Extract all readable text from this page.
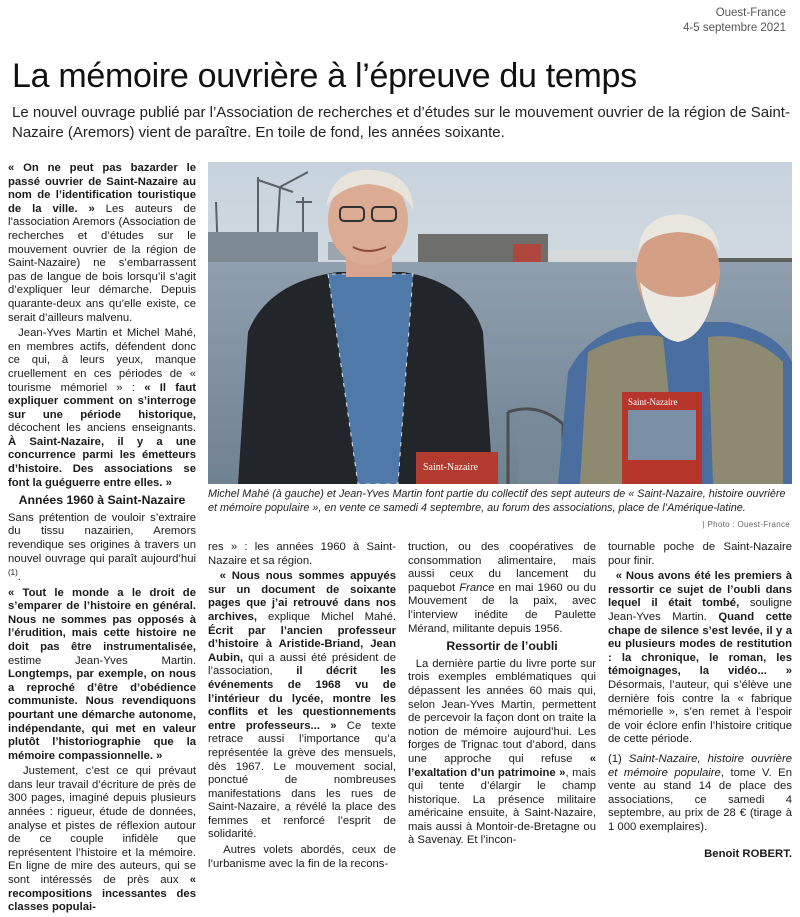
Ouest-France
4-5 septembre 2021
La mémoire ouvrière à l’épreuve du temps

Le nouvel ouvrage publié par l’Association de recherches et d’études sur le mouvement ouvrier de la région de Saint-Nazaire (Aremors) vient de paraître. En toile de fond, les années soixante.

« On ne peut pas bazarder le passé ouvrier de Saint-Nazaire au nom de l’identification touristique de la ville. » Les auteurs de l’association Aremors (Association de recherches et d’études sur le mouvement ouvrier de la région de Saint-Nazaire) ne s’embarrassent pas de langue de bois lorsqu’il s’agit d’expliquer leur démarche. Depuis quarante-deux ans qu’elle existe, ce serait d’ailleurs malvenu.

Jean-Yves Martin et Michel Mahé, en membres actifs, défendent donc ce qui, à leurs yeux, manque cruellement en ces périodes de « tourisme mémoriel » : « Il faut expliquer comment on s’interroge sur une période historique, décochent les anciens enseignants. À Saint-Nazaire, il y a une concurrence parmi les émetteurs d’histoire. Des associations se font la guéguerre entre elles. »

Années 1960 à Saint-Nazaire

Sans prétention de vouloir s’extraire du tissu nazairien, Aremors revendique ses origines à travers un nouvel ouvrage qui paraît aujourd’hui $^{(1)}$.

« Tout le monde a le droit de s’emparer de l’histoire en général. Nous ne sommes pas opposés à l’érudition, mais cette histoire ne doit pas être instrumentalisée, estime Jean-Yves Martin. Longtemps, par exemple, on nous a reproché d’être d’obédience communiste. Nous revendiquons pourtant une démarche autonome, indépendante, qui met en valeur plutôt l’historiographie que la mémoire compassionnelle. »

Justement, c’est ce qui prévaut dans leur travail d’écriture de près de 300 pages, imaginé depuis plusieurs années : rigueur, étude de données, analyse et pistes de réflexion autour de ce couple infidèle que représentent l’histoire et la mémoire. En ligne de mire des auteurs, qui se sont intéressés de près aux « recompositions incessantes des classes populai-

Saint-Nazaire
Saint-Nazaire
Michel Mahé (à gauche) et Jean-Yves Martin font partie du collectif des sept auteurs de « Saint-Nazaire, histoire ouvrière et mémoire populaire », en vente ce samedi 4 septembre, au forum des associations, place de l’Amérique-latine.
| Photo : Ouest-France

res » : les années 1960 à Saint-Nazaire et sa région.

« Nous nous sommes appuyés sur un document de soixante pages que j’ai retrouvé dans nos archives, explique Michel Mahé. Écrit par l’ancien professeur d’histoire à Aristide-Briand, Jean Aubin, qui a aussi été président de l’association, il décrit les événements de 1968 vu de l’intérieur du lycée, montre les conflits et les questionnements entre professeurs... » Ce texte retrace aussi l’importance qu’a représentée la grève des mensuels, dès 1967. Le mouvement social, ponctué de nombreuses manifestations dans les rues de Saint-Nazaire, a révélé la place des femmes et renforcé l’esprit de solidarité.

Autres volets abordés, ceux de l’urbanisme avec la fin de la recons-

truction, ou des coopératives de consommation alimentaire, mais aussi ceux du lancement du paquebot France en mai 1960 ou du Mouvement de la paix, avec l’interview inédite de Paulette Mérand, militante depuis 1956.

Ressortir de l’oubli

La dernière partie du livre porte sur trois exemples emblématiques qui dépassent les années 60 mais qui, selon Jean-Yves Martin, permettent de percevoir la façon dont on traite la notion de mémoire aujourd’hui. Les forges de Trignac tout d’abord, dans une approche qui refuse « l’exaltation d’un patrimoine », mais qui tente d’élargir le champ historique. La présence militaire américaine ensuite, à Saint-Nazaire, mais aussi à Montoir-de-Bretagne ou à Savenay. Et l’incon-

tournable poche de Saint-Nazaire pour finir.

« Nous avons été les premiers à ressortir ce sujet de l’oubli dans lequel il était tombé, souligne Jean-Yves Martin. Quand cette chape de silence s’est levée, il y a eu plusieurs modes de restitution : la chronique, le roman, les témoignages, la vidéo... » Désormais, l’auteur, qui s’élève une dernière fois contre la « fabrique mémorielle », s’en remet à l’espoir de voir éclore enfin l’histoire critique de cette période.

(1) Saint-Nazaire, histoire ouvrière et mémoire populaire, tome V. En vente au stand 14 de place des associations, ce samedi 4 septembre, au prix de 28 € (tirage à 1 000 exemplaires).

Benoit ROBERT.
